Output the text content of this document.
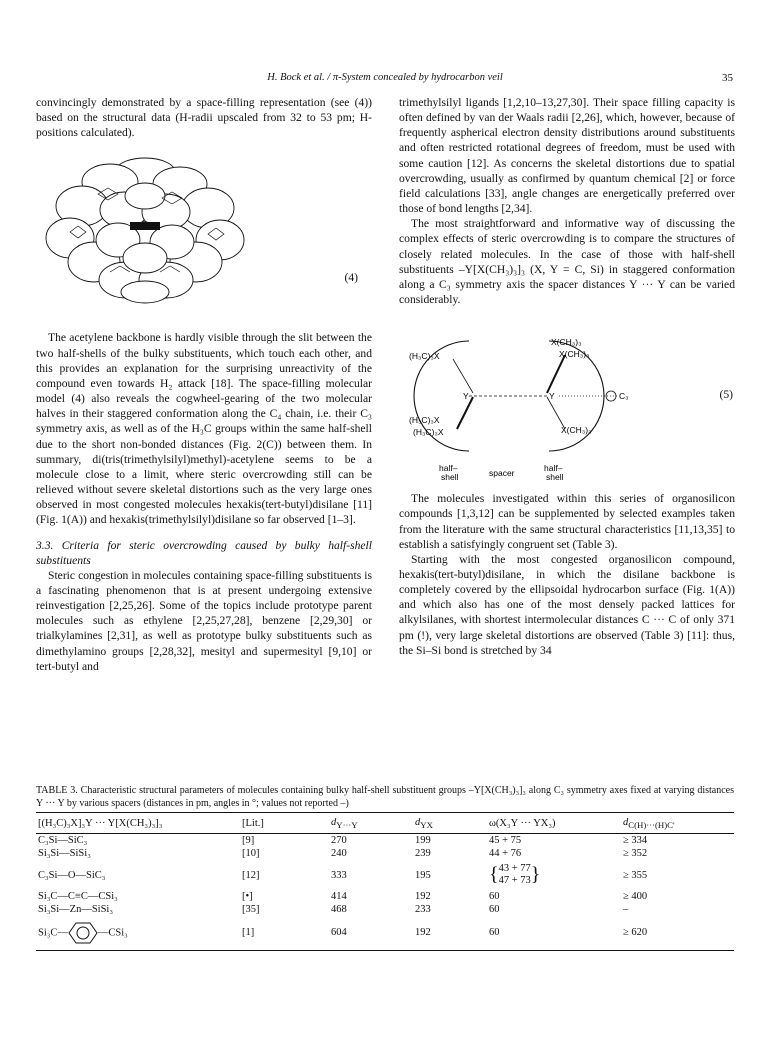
H. Bock et al. / π-System concealed by hydrocarbon veil	35

convincingly demonstrated by a space-filling representation (see (4)) based on the structural data (H-radii upscaled from 32 to 53 pm; H-positions calculated).

(4)

The acetylene backbone is hardly visible through the slit between the two half-shells of the bulky substituents, which touch each other, and this provides an explanation for the surprising unreactivity of the compound even towards H₂ attack [18]. The space-filling molecular model (4) also reveals the cogwheel-gearing of the two molecular halves in their staggered conformation along the C₄ chain, i.e. their C₃ symmetry axis, as well as of the H₃C groups within the same half-shell due to the short non-bonded distances (Fig. 2(C)) between them. In summary, di(tris(trimethylsilyl)methyl)-acetylene seems to be a molecule close to a limit, where steric overcrowding still can be relieved without severe skeletal distortions such as the very large ones observed in most congested molecules hexakis(tert-butyl)disilane [11] (Fig. 1(A)) and hexakis(trimethylsilyl)disilane so far observed [1–3].

3.3. Criteria for steric overcrowding caused by bulky half-shell substituents

Steric congestion in molecules containing space-filling substituents is a fascinating phenomenon that is at present undergoing extensive reinvestigation [2,25,26]. Some of the topics include prototype parent molecules such as ethylene [2,25,27,28], benzene [2,29,30] or trialkylamines [2,31], as well as prototype bulky substituents such as dimethylamino groups [2,28,32], mesityl and supermesityl [9,10] or tert-butyl and

trimethylsilyl ligands [1,2,10–13,27,30]. Their space filling capacity is often defined by van der Waals radii [2,26], which, however, because of frequently aspherical electron density distributions around substituents and often restricted rotational degrees of freedom, must be used with some caution [12]. As concerns the skeletal distortions due to spatial overcrowding, usually as confirmed by quantum chemical [2] or force field calculations [33], angle changes are energetically preferred over those of bond lengths [2,34].

The most straightforward and informative way of discussing the complex effects of steric overcrowding is to compare the structures of closely related molecules. In the case of those with half-shell substituents –Y[X(CH₃)₃]₃ (X, Y = C, Si) in staggered conformation along a C₃ symmetry axis the spacer distances Y ··· Y can be varied considerably.

(H₃C)₃X
(H₃C)₃X
(H₃C)₃X
X(CH₃)₃
X(CH₃)₃
X(CH₃)₃
Y	Y	C₃
half– shell	spacer	half– shell
(5)

The molecules investigated within this series of organosilicon compounds [1,3,12] can be supplemented by selected examples taken from the literature with the same structural characteristics [11,13,35] to establish a satisfyingly congruent set (Table 3).

Starting with the most congested organosilicon compound, hexakis(tert-butyl)disilane, in which the disilane backbone is completely covered by the ellipsoidal hydrocarbon surface (Fig. 1(A)) and which also has one of the most densely packed lattices for alkylsilanes, with shortest intermolecular distances C ··· C of only 371 pm (!), very large skeletal distortions are observed (Table 3) [11]: thus, the Si–Si bond is stretched by 34

TABLE 3. Characteristic structural parameters of molecules containing bulky half-shell substituent groups –Y[X(CH₃)₃]₃ along C₃ symmetry axes fixed at varying distances Y ··· Y by various spacers (distances in pm, angles in °; values not reported –)
[(H₃C)₃X]₃Y ··· Y[X(CH₃)₃]₃	[Lit.]	$d_{Y\cdot\cdot\cdot Y}$	$d_{YX}$	ω(X₃Y ··· YX₃)	$d_{C(H)\cdot\cdot\cdot(H)C'}$
C₃Si—SiC₃	[9]	270	199	45 + 75	≥ 334
Si₃Si—SiSi₃	[10]	240	239	44 + 76	≥ 352
C₃Si—O—SiC₃	[12]	333	195	{43 + 77
47 + 73}	≥ 355
Si₃C—C≡C—CSi₃	[•]	414	192	60	≥ 400
Si₃Si—Zn—SiSi₃	[35]	468	233	60	–
Si₃C— —CSi₃	[1]	604	192	60	≥ 620
